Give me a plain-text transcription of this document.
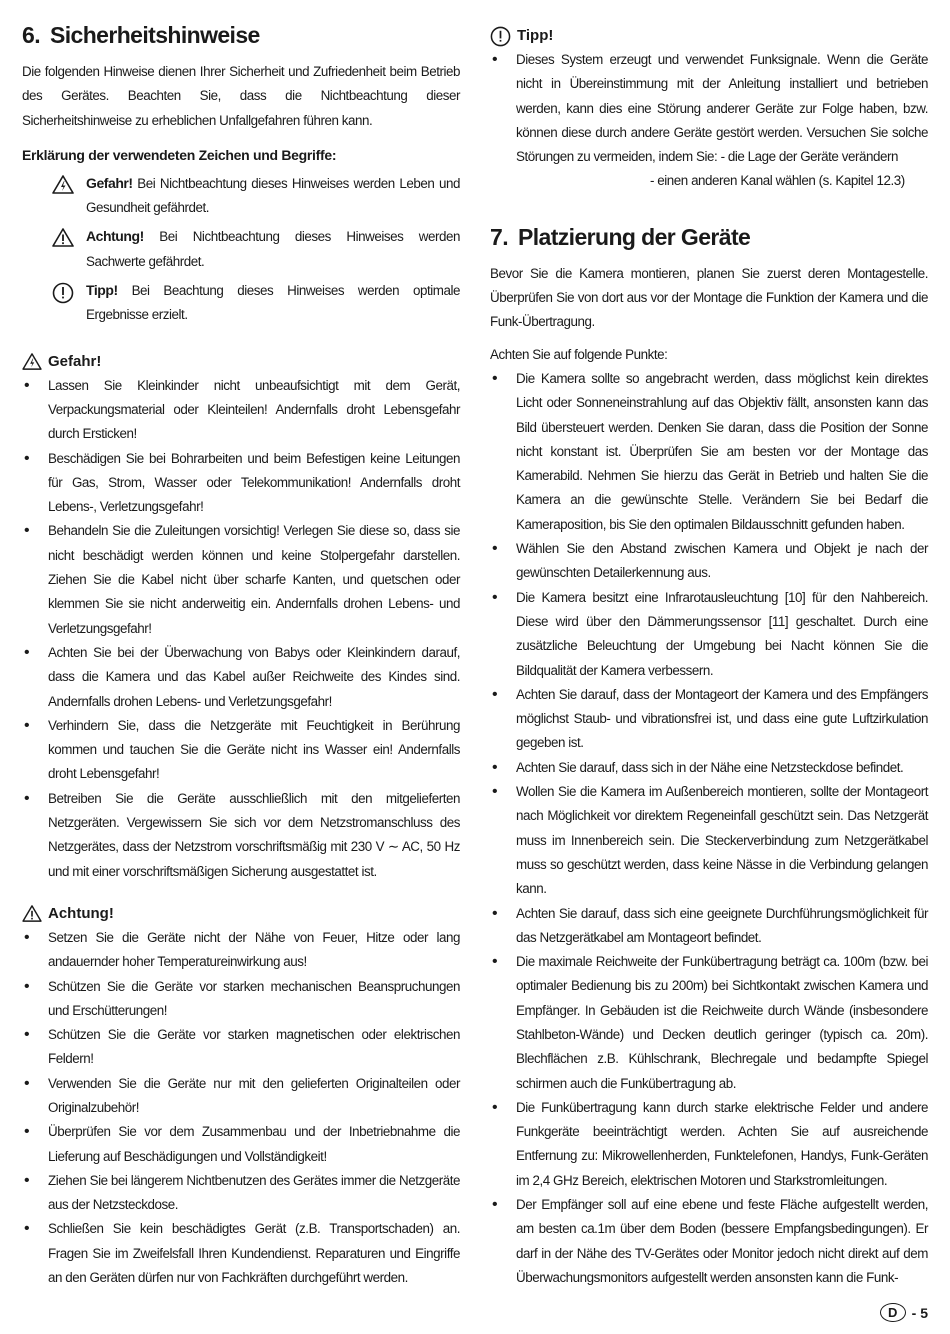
6. Sicherheitshinweise

Die folgenden Hinweise dienen Ihrer Sicherheit und Zufriedenheit beim Betrieb des Gerätes. Beachten Sie, dass die Nichtbeachtung dieser Sicherheitshinweise zu erheblichen Unfallgefahren führen kann.

Erklärung der verwendeten Zeichen und Begriffe:

Gefahr! Bei Nichtbeachtung dieses Hinweises werden Leben und Gesundheit gefährdet.

Achtung! Bei Nichtbeachtung dieses Hinweises werden Sachwerte gefährdet.

Tipp! Bei Beachtung dieses Hinweises werden optimale Ergebnisse erzielt.

Gefahr!
• Lassen Sie Kleinkinder nicht unbeaufsichtigt mit dem Gerät, Verpackungsmaterial oder Kleinteilen! Andernfalls droht Lebensgefahr durch Ersticken!
• Beschädigen Sie bei Bohrarbeiten und beim Befestigen keine Leitungen für Gas, Strom, Wasser oder Telekommunikation! Andernfalls droht Lebens-, Verletzungsgefahr!
• Behandeln Sie die Zuleitungen vorsichtig! Verlegen Sie diese so, dass sie nicht beschädigt werden können und keine Stolpergefahr darstellen. Ziehen Sie die Kabel nicht über scharfe Kanten, und quetschen oder klemmen Sie sie nicht anderweitig ein. Andernfalls drohen Lebens- und Verletzungsgefahr!
• Achten Sie bei der Überwachung von Babys oder Kleinkindern darauf, dass die Kamera und das Kabel außer Reichweite des Kindes sind. Andernfalls drohen Lebens- und Verletzungsgefahr!
• Verhindern Sie, dass die Netzgeräte mit Feuchtigkeit in Berührung kommen und tauchen Sie die Geräte nicht ins Wasser ein! Andernfalls droht Lebensgefahr!
• Betreiben Sie die Geräte ausschließlich mit den mitgelieferten Netzgeräten. Vergewissern Sie sich vor dem Netzstromanschluss des Netzgerätes, dass der Netzstrom vorschriftsmäßig mit 230 V ∼ AC, 50 Hz und mit einer vorschriftsmäßigen Sicherung ausgestattet ist.
Achtung!
• Setzen Sie die Geräte nicht der Nähe von Feuer, Hitze oder lang andauernder hoher Temperatureinwirkung aus!
• Schützen Sie die Geräte vor starken mechanischen Beanspruchungen und Erschütterungen!
• Schützen Sie die Geräte vor starken magnetischen oder elektrischen Feldern!
• Verwenden Sie die Geräte nur mit den gelieferten Originalteilen oder Originalzubehör!
• Überprüfen Sie vor dem Zusammenbau und der Inbetriebnahme die Lieferung auf Beschädigungen und Vollständigkeit!
• Ziehen Sie bei längerem Nichtbenutzen des Gerätes immer die Netzgeräte aus der Netzsteckdose.
• Schließen Sie kein beschädigtes Gerät (z.B. Transportschaden) an. Fragen Sie im Zweifelsfall Ihren Kundendienst. Reparaturen und Eingriffe an den Geräten dürfen nur von Fachkräften durchgeführt werden.
Tipp!
• Dieses System erzeugt und verwendet Funksignale. Wenn die Geräte nicht in Übereinstimmung mit der Anleitung installiert und betrieben werden, kann dies eine Störung anderer Geräte zur Folge haben, bzw. können diese durch andere Geräte gestört werden. Versuchen Sie solche Störungen zu vermeiden, indem Sie: - die Lage der Geräte verändern
- einen anderen Kanal wählen (s. Kapitel 12.3)
7. Platzierung der Geräte

Bevor Sie die Kamera montieren, planen Sie zuerst deren Montagestelle. Überprüfen Sie von dort aus vor der Montage die Funktion der Kamera und die Funk-Übertragung.

Achten Sie auf folgende Punkte:

• Die Kamera sollte so angebracht werden, dass möglichst kein direktes Licht oder Sonneneinstrahlung auf das Objektiv fällt, ansonsten kann das Bild übersteuert werden. Denken Sie daran, dass die Position der Sonne nicht konstant ist. Überprüfen Sie am besten vor der Montage das Kamerabild. Nehmen Sie hierzu das Gerät in Betrieb und halten Sie die Kamera an die gewünschte Stelle. Verändern Sie bei Bedarf die Kameraposition, bis Sie den optimalen Bildausschnitt gefunden haben.
• Wählen Sie den Abstand zwischen Kamera und Objekt je nach der gewünschten Detailerkennung aus.
• Die Kamera besitzt eine Infrarotausleuchtung [10] für den Nahbereich. Diese wird über den Dämmerungssensor [11] geschaltet. Durch eine zusätzliche Beleuchtung der Umgebung bei Nacht können Sie die Bildqualität der Kamera verbessern.
• Achten Sie darauf, dass der Montageort der Kamera und des Empfängers möglichst Staub- und vibrationsfrei ist, und dass eine gute Luftzirkulation gegeben ist.
• Achten Sie darauf, dass sich in der Nähe eine Netzsteckdose befindet.
• Wollen Sie die Kamera im Außenbereich montieren, sollte der Montageort nach Möglichkeit vor direktem Regeneinfall geschützt sein. Das Netzgerät muss im Innenbereich sein. Die Steckerverbindung zum Netzgerätkabel muss so geschützt werden, dass keine Nässe in die Verbindung gelangen kann.
• Achten Sie darauf, dass sich eine geeignete Durchführungsmöglichkeit für das Netzgerätkabel am Montageort befindet.
• Die maximale Reichweite der Funkübertragung beträgt ca. 100m (bzw. bei optimaler Bedienung bis zu 200m) bei Sichtkontakt zwischen Kamera und Empfänger. In Gebäuden ist die Reichweite durch Wände (insbesondere Stahlbeton-Wände) und Decken deutlich geringer (typisch ca. 20m). Blechflächen z.B. Kühlschrank, Blechregale und bedampfte Spiegel schirmen auch die Funkübertragung ab.
• Die Funkübertragung kann durch starke elektrische Felder und andere Funkgeräte beeinträchtigt werden. Achten Sie auf ausreichende Entfernung zu: Mikrowellenherden, Funktelefonen, Handys, Funk-Geräten im 2,4 GHz Bereich, elektrischen Motoren und Starkstromleitungen.
• Der Empfänger soll auf eine ebene und feste Fläche aufgestellt werden, am besten ca.1m über dem Boden (bessere Empfangsbedingungen). Er darf in der Nähe des TV-Gerätes oder Monitor jedoch nicht direkt auf dem Überwachungsmonitors aufgestellt werden ansonsten kann die Funk-
D	- 5
